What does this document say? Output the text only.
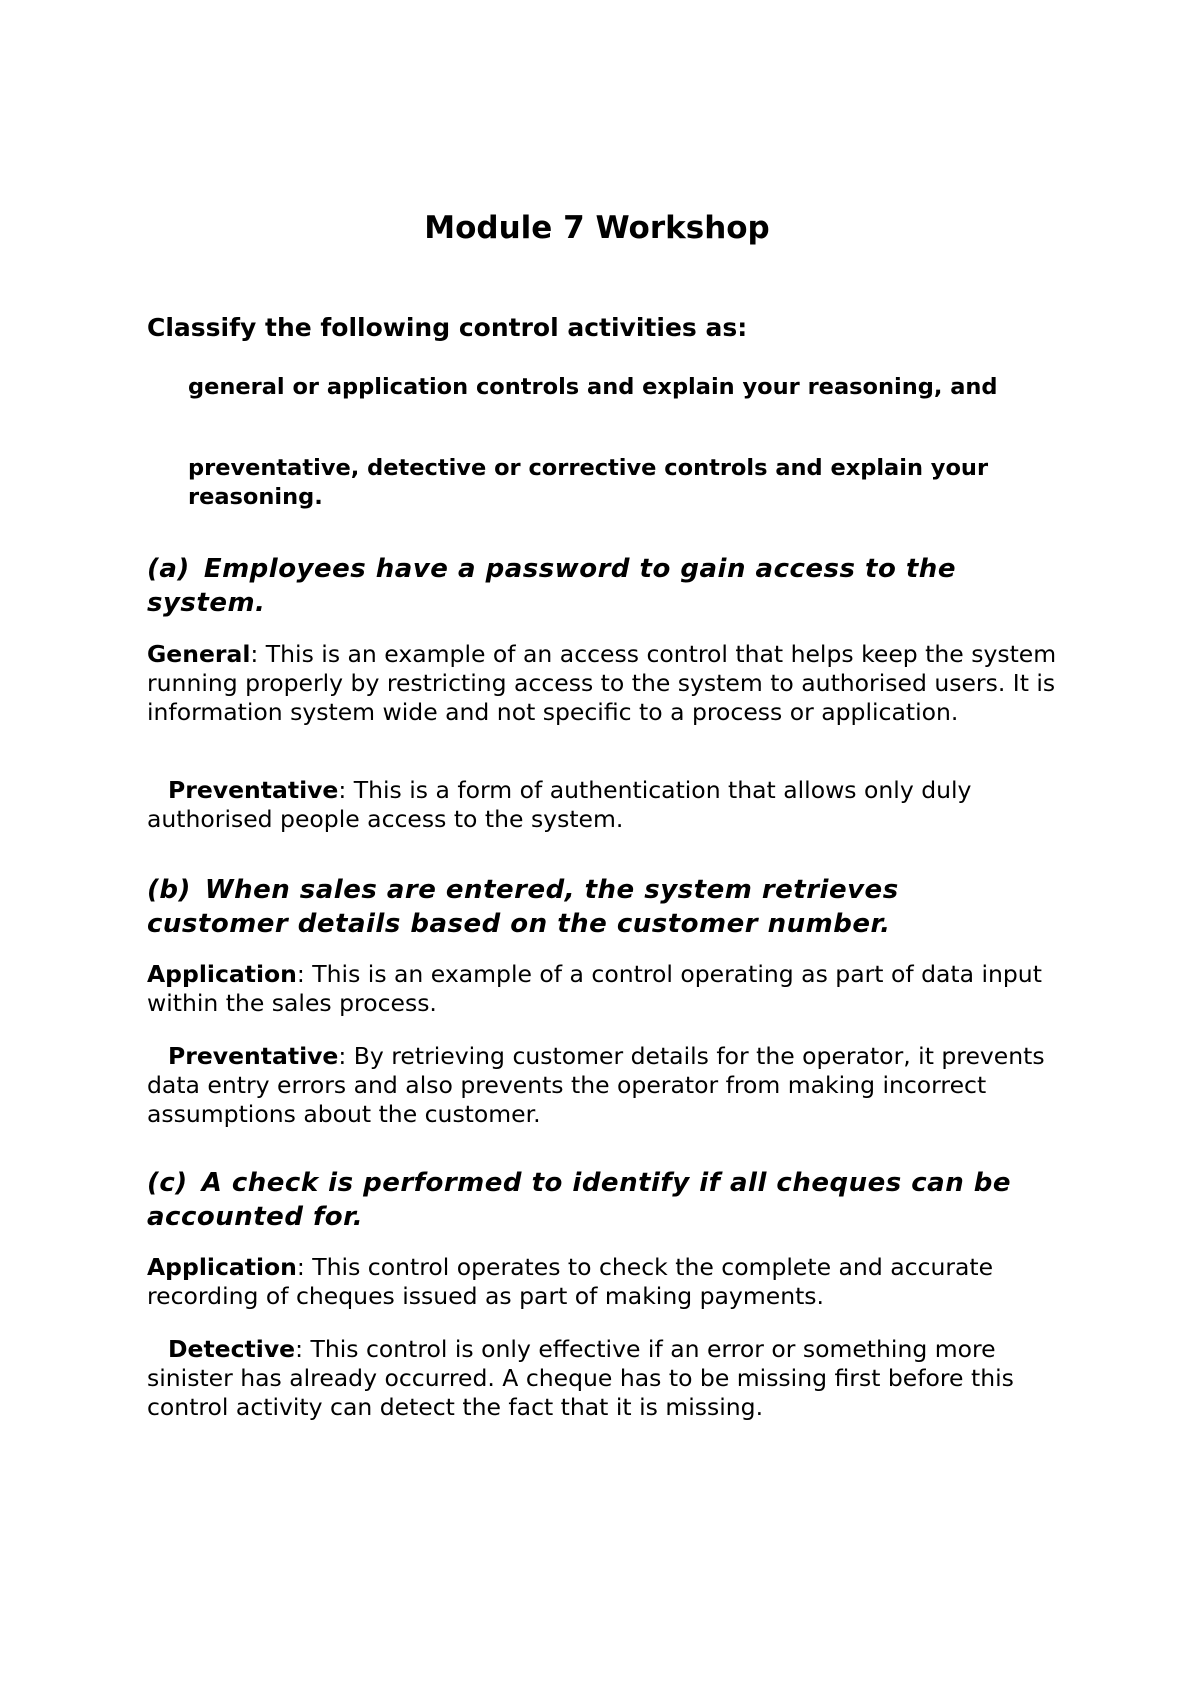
Module 7 Workshop

Classify the following control activities as:

general or application controls and explain your reasoning, and

preventative, detective or corrective controls and explain your reasoning.

(a) Employees have a password to gain access to the system.

General: This is an example of an access control that helps keep the system running properly by restricting access to the system to authorised users. It is information system wide and not specific to a process or application.

Preventative: This is a form of authentication that allows only duly authorised people access to the system.

(b) When sales are entered, the system retrieves customer details based on the customer number.

Application: This is an example of a control operating as part of data input within the sales process.

Preventative: By retrieving customer details for the operator, it prevents data entry errors and also prevents the operator from making incorrect assumptions about the customer.

(c) A check is performed to identify if all cheques can be accounted for.

Application: This control operates to check the complete and accurate recording of cheques issued as part of making payments.

Detective: This control is only effective if an error or something more sinister has already occurred. A cheque has to be missing first before this control activity can detect the fact that it is missing.
